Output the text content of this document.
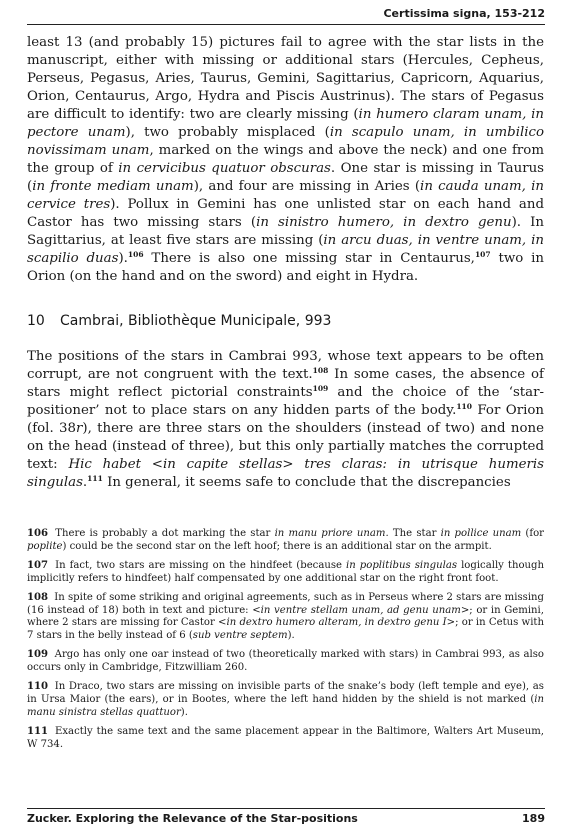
Certissima signa, 153-212

least 13 (and probably 15) pictures fail to agree with the star lists in the manuscript, either with missing or additional stars (Hercules, Cepheus, Perseus, Pegasus, Aries, Taurus, Gemini, Sagittarius, Capricorn, Aquarius, Orion, Centaurus, Argo, Hydra and Piscis Austrinus). The stars of Pegasus are difficult to identify: two are clearly missing (in humero claram unam, in pectore unam), two probably misplaced (in scapulo unam, in umbilico novissimam unam, marked on the wings and above the neck) and one from the group of in cervicibus quatuor obscuras. One star is missing in Taurus (in fronte mediam unam), and four are missing in Aries (in cauda unam, in cervice tres). Pollux in Gemini has one unlisted star on each hand and Castor has two missing stars (in sinistro humero, in dextro genu). In Sagittarius, at least five stars are missing (in arcu duas, in ventre unam, in scapilio duas).$^{106}$ There is also one missing star in Centaurus,$^{107}$ two in Orion (on the hand and on the sword) and eight in Hydra.

10 Cambrai, Bibliothèque Municipale, 993

The positions of the stars in Cambrai 993, whose text appears to be often corrupt, are not congruent with the text.$^{108}$ In some cases, the absence of stars might reflect pictorial constraints$^{109}$ and the choice of the ‘star-positioner’ not to place stars on any hidden parts of the body.$^{110}$ For Orion (fol. 38r), there are three stars on the shoulders (instead of two) and none on the head (instead of three), but this only partially matches the corrupted text: Hic habet <in capite stellas> tres claras: in utrisque humeris singulas.$^{111}$ In general, it seems safe to conclude that the discrepancies

106 There is probably a dot marking the star in manu priore unam. The star in pollice unam (for poplite) could be the second star on the left hoof; there is an additional star on the armpit.

107 In fact, two stars are missing on the hindfeet (because in poplitibus singulas logically though implicitly refers to hindfeet) half compensated by one additional star on the right front foot.

108 In spite of some striking and original agreements, such as in Perseus where 2 stars are missing (16 instead of 18) both in text and picture: <in ventre stellam unam, ad genu unam>; or in Gemini, where 2 stars are missing for Castor <in dextro humero alteram, in dextro genu I>; or in Cetus with 7 stars in the belly instead of 6 (sub ventre septem).

109 Argo has only one oar instead of two (theoretically marked with stars) in Cambrai 993, as also occurs only in Cambridge, Fitzwilliam 260.

110 In Draco, two stars are missing on invisible parts of the snake’s body (left temple and eye), as in Ursa Maior (the ears), or in Bootes, where the left hand hidden by the shield is not marked (in manu sinistra stellas quattuor).

111 Exactly the same text and the same placement appear in the Baltimore, Walters Art Museum, W 734.

Zucker. Exploring the Relevance of the Star-positions	189
